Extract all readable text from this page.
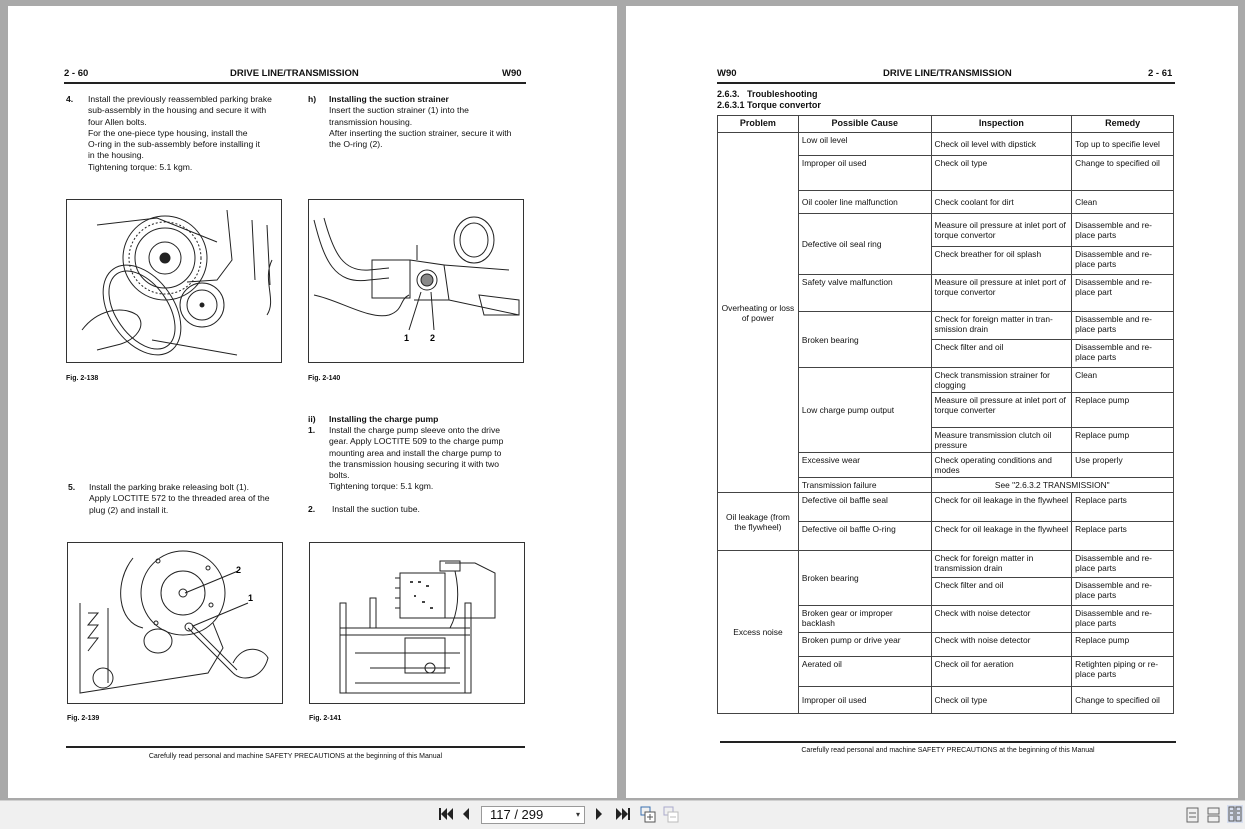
2 - 60	DRIVE LINE/TRANSMISSION	W90
4. Install the previously reassembled parking brake
sub-assembly in the housing and secure it with
four Allen bolts.
For the one-piece type housing, install the
O-ring in the sub-assembly before installing it
in the housing.
Tightening torque: 5.1 kgm.
h) Installing the suction strainer
Insert the suction strainer (1) into the
transmission housing.
After inserting the suction strainer, secure it with
the O-ring (2).
Fig. 2-138
1 2
Fig. 2-140
ii) Installing the charge pump
1. Install the charge pump sleeve onto the drive
gear. Apply LOCTITE 509 to the charge pump
mounting area and install the charge pump to
the transmission housing securing it with two
bolts.
Tightening torque: 5.1 kgm.
2. Install the suction tube.
5. Install the parking brake releasing bolt (1).
Apply LOCTITE 572 to the threaded area of the
plug (2) and install it.
2
1
Fig. 2-139	Fig. 2-141
Carefully read personal and machine SAFETY PRECAUTIONS at the beginning of this Manual
W90	DRIVE LINE/TRANSMISSION	2 - 61
2.6.3.   Troubleshooting
2.6.3.1 Torque convertor
Problem	Possible Cause	Inspection	Remedy
Overheating or loss of power	Low oil level	Check oil level with dipstick	Top up to specifie level
	Improper oil used	Check oil type	Change to specified oil
	Oil cooler line malfunction	Check coolant for dirt	Clean
	Defective oil seal ring	Measure oil pressure at inlet port of torque convertor	Disassemble and re-place parts
		Check breather for oil splash	Disassemble and re-place parts
	Safety valve malfunction	Measure oil pressure at inlet port of torque convertor	Disassemble and re-place part
	Broken bearing	Check for foreign matter in tran-smission drain	Disassemble and re-place parts
		Check filter and oil	Disassemble and re-place parts
	Low charge pump output	Check transmission strainer for clogging	Clean
		Measure oil pressure at inlet port of torque converter	Replace pump
		Measure transmission clutch oil pressure	Replace pump
	Excessive wear	Check operating conditions and modes	Use properly
	Transmission failure	See "2.6.3.2 TRANSMISSION"	
Oil leakage (from the flywheel)	Defective oil baffle seal	Check for oil leakage in the flywheel	Replace parts
	Defective oil baffle O-ring	Check for oil leakage in the flywheel	Replace parts
Excess noise	Broken bearing	Check for foreign matter in transmission drain	Disassemble and re-place parts
		Check filter and oil	Disassemble and re-place parts
	Broken gear or improper backlash	Check with noise detector	Disassemble and re-place parts
	Broken pump or drive year	Check with noise detector	Replace pump
	Aerated oil	Check oil for aeration	Retighten piping or re-place parts
	Improper oil used	Check oil type	Change to specified oil
Carefully read personal and machine SAFETY PRECAUTIONS at the beginning of this Manual
117 / 299	▾
